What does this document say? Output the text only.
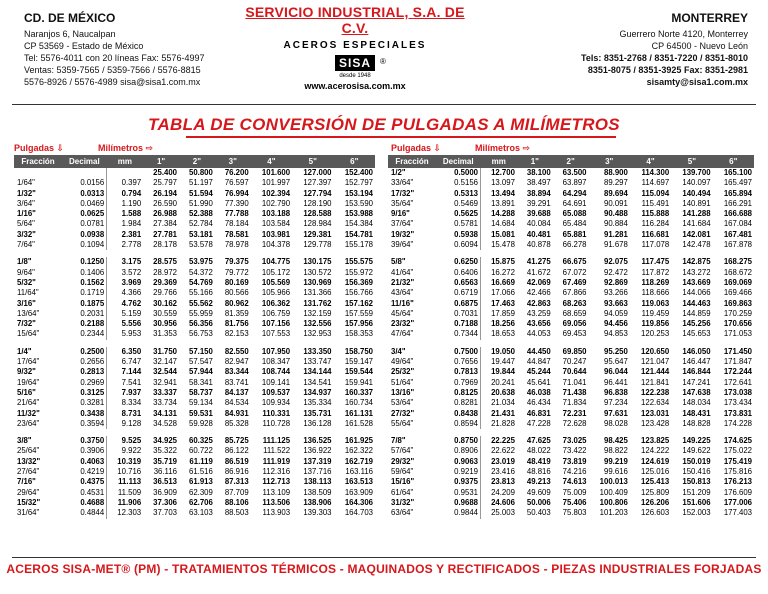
CD. DE MÉXICO
Naranjos 6, Naucalpan
CP 53569 - Estado de México
Tel: 5576-4011 con 20 líneas Fax: 5576-4997
Ventas: 5359-7565 / 5359-7566 / 5576-8815
5576-8926 / 5576-4989 sisa@sisa1.com.mx
SERVICIO INDUSTRIAL, S.A. DE C.V.
ACEROS ESPECIALES
SISA ®
desde 1948
www.acerosisa.com.mx
MONTERREY
Guerrero Norte 4120, Monterrey
CP 64500 - Nuevo León
Tels: 8351-2768 / 8351-7220 / 8351-8010
8351-8075 / 8351-3925 Fax: 8351-2981
sisamty@sisa1.com.mx
TABLA DE CONVERSIÓN DE PULGADAS A MILÍMETROS
Pulgadas ⇩	Milímetros ⇨	Pulgadas ⇩	Milímetros ⇨
Fracción	Decimal	mm	1"	2"	3"	4"	5"	6"
			25.400	50.800	76.200	101.600	127.000	152.400
1/64"	0.0156	0.397	25.797	51.197	76.597	101.997	127.397	152.797
1/32"	0.0313	0.794	26.194	51.594	76.994	102.394	127.794	153.194
3/64"	0.0469	1.190	26.590	51.990	77.390	102.790	128.190	153.590
1/16"	0.0625	1.588	26.988	52.388	77.788	103.188	128.588	153.988
5/64"	0.0781	1.984	27.384	52.784	78.184	103.584	128.984	154.384
3/32"	0.0938	2.381	27.781	53.181	78.581	103.981	129.381	154.781
7/64"	0.1094	2.778	28.178	53.578	78.978	104.378	129.778	155.178

1/8"	0.1250	3.175	28.575	53.975	79.375	104.775	130.175	155.575
9/64"	0.1406	3.572	28.972	54.372	79.772	105.172	130.572	155.972
5/32"	0.1562	3.969	29.369	54.769	80.169	105.569	130.969	156.369
11/64"	0.1719	4.366	29.766	55.166	80.566	105.966	131.366	156.766
3/16"	0.1875	4.762	30.162	55.562	80.962	106.362	131.762	157.162
13/64"	0.2031	5.159	30.559	55.959	81.359	106.759	132.159	157.559
7/32"	0.2188	5.556	30.956	56.356	81.756	107.156	132.556	157.956
15/64"	0.2344	5.953	31.353	56.753	82.153	107.553	132.953	158.353

1/4"	0.2500	6.350	31.750	57.150	82.550	107.950	133.350	158.750
17/64"	0.2656	6.747	32.147	57.547	82.947	108.347	133.747	159.147
9/32"	0.2813	7.144	32.544	57.944	83.344	108.744	134.144	159.544
19/64"	0.2969	7.541	32.941	58.341	83.741	109.141	134.541	159.941
5/16"	0.3125	7.937	33.337	58.737	84.137	109.537	134.937	160.337
21/64"	0.3281	8.334	33.734	59.134	84.534	109.934	135.334	160.734
11/32"	0.3438	8.731	34.131	59.531	84.931	110.331	135.731	161.131
23/64"	0.3594	9.128	34.528	59.928	85.328	110.728	136.128	161.528

3/8"	0.3750	9.525	34.925	60.325	85.725	111.125	136.525	161.925
25/64"	0.3906	9.922	35.322	60.722	86.122	111.522	136.922	162.322
13/32"	0.4063	10.319	35.719	61.119	86.519	111.919	137.319	162.719
27/64"	0.4219	10.716	36.116	61.516	86.916	112.316	137.716	163.116
7/16"	0.4375	11.113	36.513	61.913	87.313	112.713	138.113	163.513
29/64"	0.4531	11.509	36.909	62.309	87.709	113.109	138.509	163.909
15/32"	0.4688	11.906	37.306	62.706	88.106	113.506	138.906	164.306
31/64"	0.4844	12.303	37.703	63.103	88.503	113.903	139.303	164.703
Fracción	Decimal	mm	1"	2"	3"	4"	5"	6"
1/2"	0.5000	12.700	38.100	63.500	88.900	114.300	139.700	165.100
33/64"	0.5156	13.097	38.497	63.897	89.297	114.697	140.097	165.497
17/32"	0.5313	13.494	38.894	64.294	89.694	115.094	140.494	165.894
35/64"	0.5469	13.891	39.291	64.691	90.091	115.491	140.891	166.291
9/16"	0.5625	14.288	39.688	65.088	90.488	115.888	141.288	166.688
37/64"	0.5781	14.684	40.084	65.484	90.884	116.284	141.684	167.084
19/32"	0.5938	15.081	40.481	65.881	91.281	116.681	142.081	167.481
39/64"	0.6094	15.478	40.878	66.278	91.678	117.078	142.478	167.878

5/8"	0.6250	15.875	41.275	66.675	92.075	117.475	142.875	168.275
41/64"	0.6406	16.272	41.672	67.072	92.472	117.872	143.272	168.672
21/32"	0.6563	16.669	42.069	67.469	92.869	118.269	143.669	169.069
43/64"	0.6719	17.066	42.466	67.866	93.266	118.666	144.066	169.466
11/16"	0.6875	17.463	42.863	68.263	93.663	119.063	144.463	169.863
45/64"	0.7031	17.859	43.259	68.659	94.059	119.459	144.859	170.259
23/32"	0.7188	18.256	43.656	69.056	94.456	119.856	145.256	170.656
47/64"	0.7344	18.653	44.053	69.453	94.853	120.253	145.653	171.053

3/4"	0.7500	19.050	44.450	69.850	95.250	120.650	146.050	171.450
49/64"	0.7656	19.447	44.847	70.247	95.647	121.047	146.447	171.847
25/32"	0.7813	19.844	45.244	70.644	96.044	121.444	146.844	172.244
51/64"	0.7969	20.241	45.641	71.041	96.441	121.841	147.241	172.641
13/16"	0.8125	20.638	46.038	71.438	96.838	122.238	147.638	173.038
53/64"	0.8281	21.034	46.434	71.834	97.234	122.634	148.034	173.434
27/32"	0.8438	21.431	46.831	72.231	97.631	123.031	148.431	173.831
55/64"	0.8594	21.828	47.228	72.628	98.028	123.428	148.828	174.228

7/8"	0.8750	22.225	47.625	73.025	98.425	123.825	149.225	174.625
57/64"	0.8906	22.622	48.022	73.422	98.822	124.222	149.622	175.022
29/32"	0.9063	23.019	48.419	73.819	99.219	124.619	150.019	175.419
59/64"	0.9219	23.416	48.816	74.216	99.616	125.016	150.416	175.816
15/16"	0.9375	23.813	49.213	74.613	100.013	125.413	150.813	176.213
61/64"	0.9531	24.209	49.609	75.009	100.409	125.809	151.209	176.609
31/32"	0.9688	24.606	50.006	75.406	100.806	126.206	151.606	177.006
63/64"	0.9844	25.003	50.403	75.803	101.203	126.603	152.003	177.403
ACEROS SISA-MET® (PM) - TRATAMIENTOS TÉRMICOS - MAQUINADOS Y RECTIFICADOS - PIEZAS INDUSTRIALES FORJADAS
